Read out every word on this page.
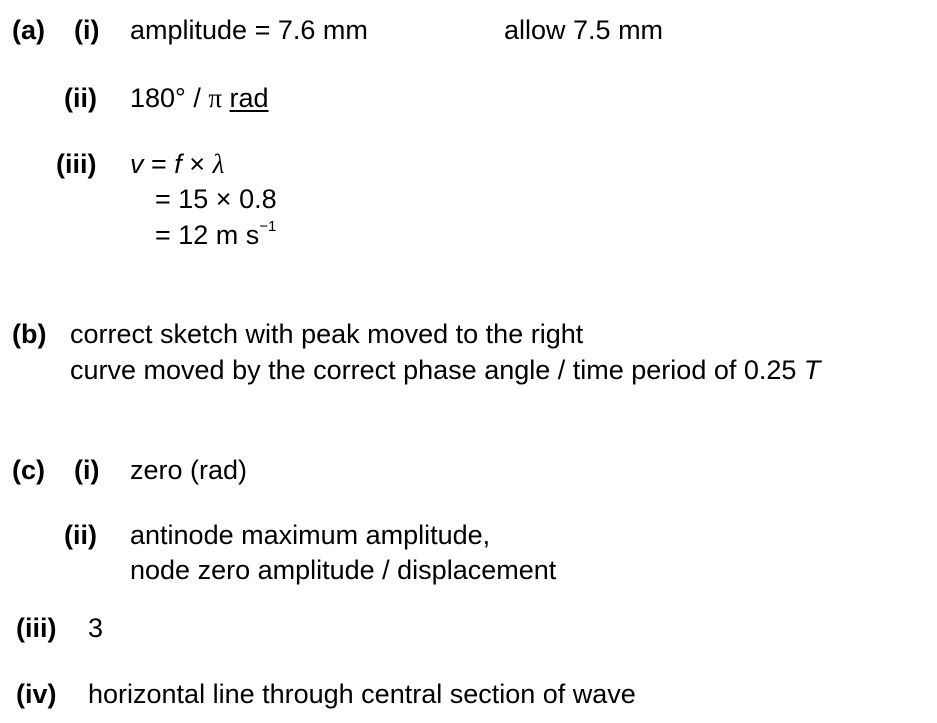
(a) (i) amplitude = 7.6 mm	allow 7.5 mm
(ii) 180° / π rad
(iii) v = f × λ
= 15 × 0.8
= 12 m $s^{-1}$
(b) correct sketch with peak moved to the right
curve moved by the correct phase angle / time period of 0.25 T
(c) (i) zero (rad)
(ii) antinode maximum amplitude,
node zero amplitude / displacement
(iii) 3
(iv) horizontal line through central section of wave
